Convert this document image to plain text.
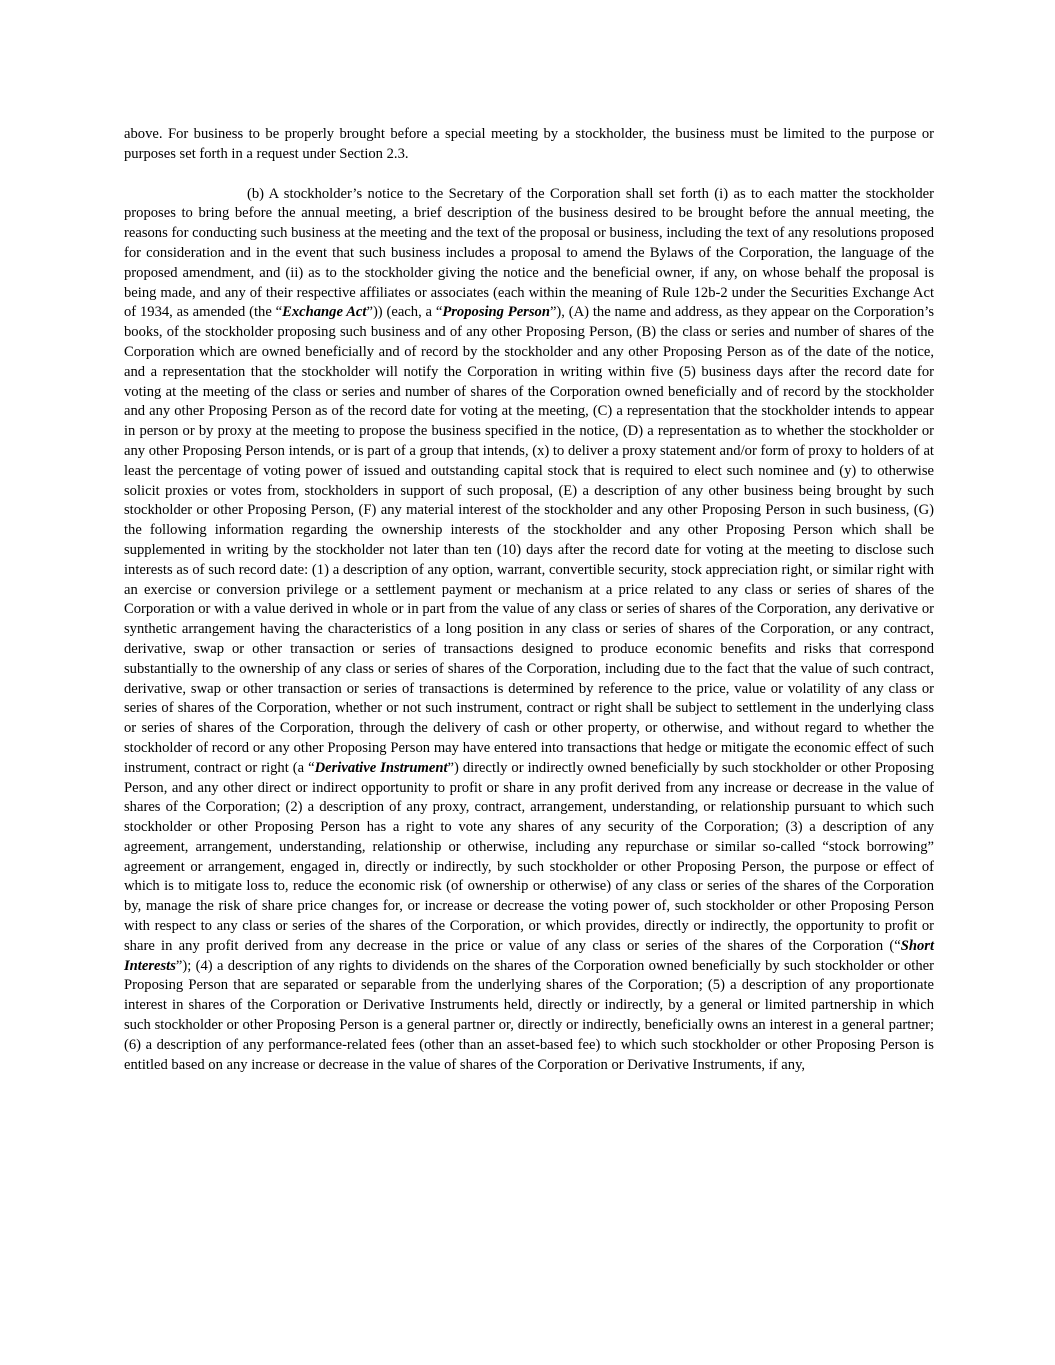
above. For business to be properly brought before a special meeting by a stockholder, the business must be limited to the purpose or purposes set forth in a request under Section 2.3.

(b) A stockholder’s notice to the Secretary of the Corporation shall set forth (i) as to each matter the stockholder proposes to bring before the annual meeting, a brief description of the business desired to be brought before the annual meeting, the reasons for conducting such business at the meeting and the text of the proposal or business, including the text of any resolutions proposed for consideration and in the event that such business includes a proposal to amend the Bylaws of the Corporation, the language of the proposed amendment, and (ii) as to the stockholder giving the notice and the beneficial owner, if any, on whose behalf the proposal is being made, and any of their respective affiliates or associates (each within the meaning of Rule 12b-2 under the Securities Exchange Act of 1934, as amended (the “Exchange Act”)) (each, a “Proposing Person”), (A) the name and address, as they appear on the Corporation’s books, of the stockholder proposing such business and of any other Proposing Person, (B) the class or series and number of shares of the Corporation which are owned beneficially and of record by the stockholder and any other Proposing Person as of the date of the notice, and a representation that the stockholder will notify the Corporation in writing within five (5) business days after the record date for voting at the meeting of the class or series and number of shares of the Corporation owned beneficially and of record by the stockholder and any other Proposing Person as of the record date for voting at the meeting, (C) a representation that the stockholder intends to appear in person or by proxy at the meeting to propose the business specified in the notice, (D) a representation as to whether the stockholder or any other Proposing Person intends, or is part of a group that intends, (x) to deliver a proxy statement and/or form of proxy to holders of at least the percentage of voting power of issued and outstanding capital stock that is required to elect such nominee and (y) to otherwise solicit proxies or votes from, stockholders in support of such proposal, (E) a description of any other business being brought by such stockholder or other Proposing Person, (F) any material interest of the stockholder and any other Proposing Person in such business, (G) the following information regarding the ownership interests of the stockholder and any other Proposing Person which shall be supplemented in writing by the stockholder not later than ten (10) days after the record date for voting at the meeting to disclose such interests as of such record date: (1) a description of any option, warrant, convertible security, stock appreciation right, or similar right with an exercise or conversion privilege or a settlement payment or mechanism at a price related to any class or series of shares of the Corporation or with a value derived in whole or in part from the value of any class or series of shares of the Corporation, any derivative or synthetic arrangement having the characteristics of a long position in any class or series of shares of the Corporation, or any contract, derivative, swap or other transaction or series of transactions designed to produce economic benefits and risks that correspond substantially to the ownership of any class or series of shares of the Corporation, including due to the fact that the value of such contract, derivative, swap or other transaction or series of transactions is determined by reference to the price, value or volatility of any class or series of shares of the Corporation, whether or not such instrument, contract or right shall be subject to settlement in the underlying class or series of shares of the Corporation, through the delivery of cash or other property, or otherwise, and without regard to whether the stockholder of record or any other Proposing Person may have entered into transactions that hedge or mitigate the economic effect of such instrument, contract or right (a “Derivative Instrument”) directly or indirectly owned beneficially by such stockholder or other Proposing Person, and any other direct or indirect opportunity to profit or share in any profit derived from any increase or decrease in the value of shares of the Corporation; (2) a description of any proxy, contract, arrangement, understanding, or relationship pursuant to which such stockholder or other Proposing Person has a right to vote any shares of any security of the Corporation; (3) a description of any agreement, arrangement, understanding, relationship or otherwise, including any repurchase or similar so-called “stock borrowing” agreement or arrangement, engaged in, directly or indirectly, by such stockholder or other Proposing Person, the purpose or effect of which is to mitigate loss to, reduce the economic risk (of ownership or otherwise) of any class or series of the shares of the Corporation by, manage the risk of share price changes for, or increase or decrease the voting power of, such stockholder or other Proposing Person with respect to any class or series of the shares of the Corporation, or which provides, directly or indirectly, the opportunity to profit or share in any profit derived from any decrease in the price or value of any class or series of the shares of the Corporation (“Short Interests”); (4) a description of any rights to dividends on the shares of the Corporation owned beneficially by such stockholder or other Proposing Person that are separated or separable from the underlying shares of the Corporation; (5) a description of any proportionate interest in shares of the Corporation or Derivative Instruments held, directly or indirectly, by a general or limited partnership in which such stockholder or other Proposing Person is a general partner or, directly or indirectly, beneficially owns an interest in a general partner; (6) a description of any performance-related fees (other than an asset-based fee) to which such stockholder or other Proposing Person is entitled based on any increase or decrease in the value of shares of the Corporation or Derivative Instruments, if any,
